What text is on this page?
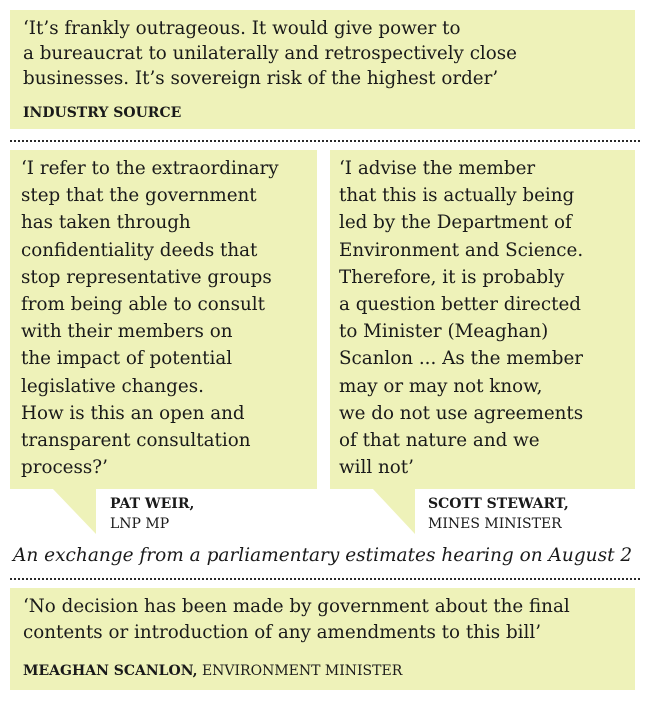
‘It’s frankly outrageous. It would give power to
a bureaucrat to unilaterally and retrospectively close
businesses. It’s sovereign risk of the highest order’

INDUSTRY SOURCE

‘I refer to the extraordinary
step that the government
has taken through
confidentiality deeds that
stop representative groups
from being able to consult
with their members on
the impact of potential
legislative changes.
How is this an open and
transparent consultation
process?’

PAT WEIR,
LNP MP

‘I advise the member
that this is actually being
led by the Department of
Environment and Science.
Therefore, it is probably
a question better directed
to Minister (Meaghan)
Scanlon ... As the member
may or may not know,
we do not use agreements
of that nature and we
will not’

SCOTT STEWART,
MINES MINISTER

An exchange from a parliamentary estimates hearing on August 2

‘No decision has been made by government about the final
contents or introduction of any amendments to this bill’

MEAGHAN SCANLON, ENVIRONMENT MINISTER
